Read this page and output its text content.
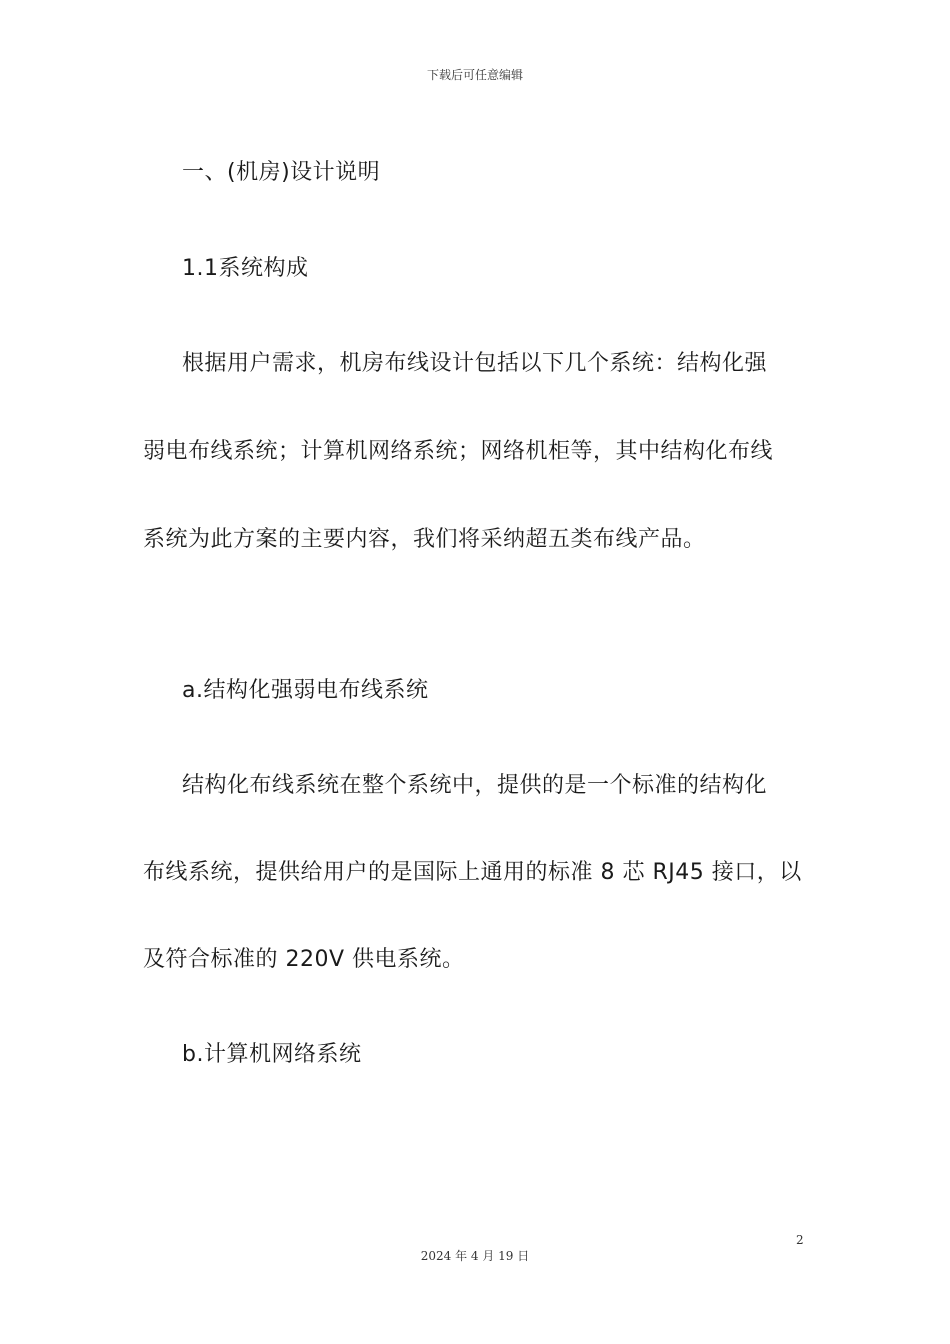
下载后可任意编辑
一、(机房)设计说明
1.1系统构成
根据用户需求，机房布线设计包括以下几个系统：结构化强
弱电布线系统；计算机网络系统；网络机柜等，其中结构化布线
系统为此方案的主要内容，我们将采纳超五类布线产品。
a.结构化强弱电布线系统
结构化布线系统在整个系统中，提供的是一个标准的结构化
布线系统，提供给用户的是国际上通用的标准 8 芯 RJ45 接口，以
及符合标准的 220V 供电系统。
b.计算机网络系统
2
2024 年 4 月 19 日
